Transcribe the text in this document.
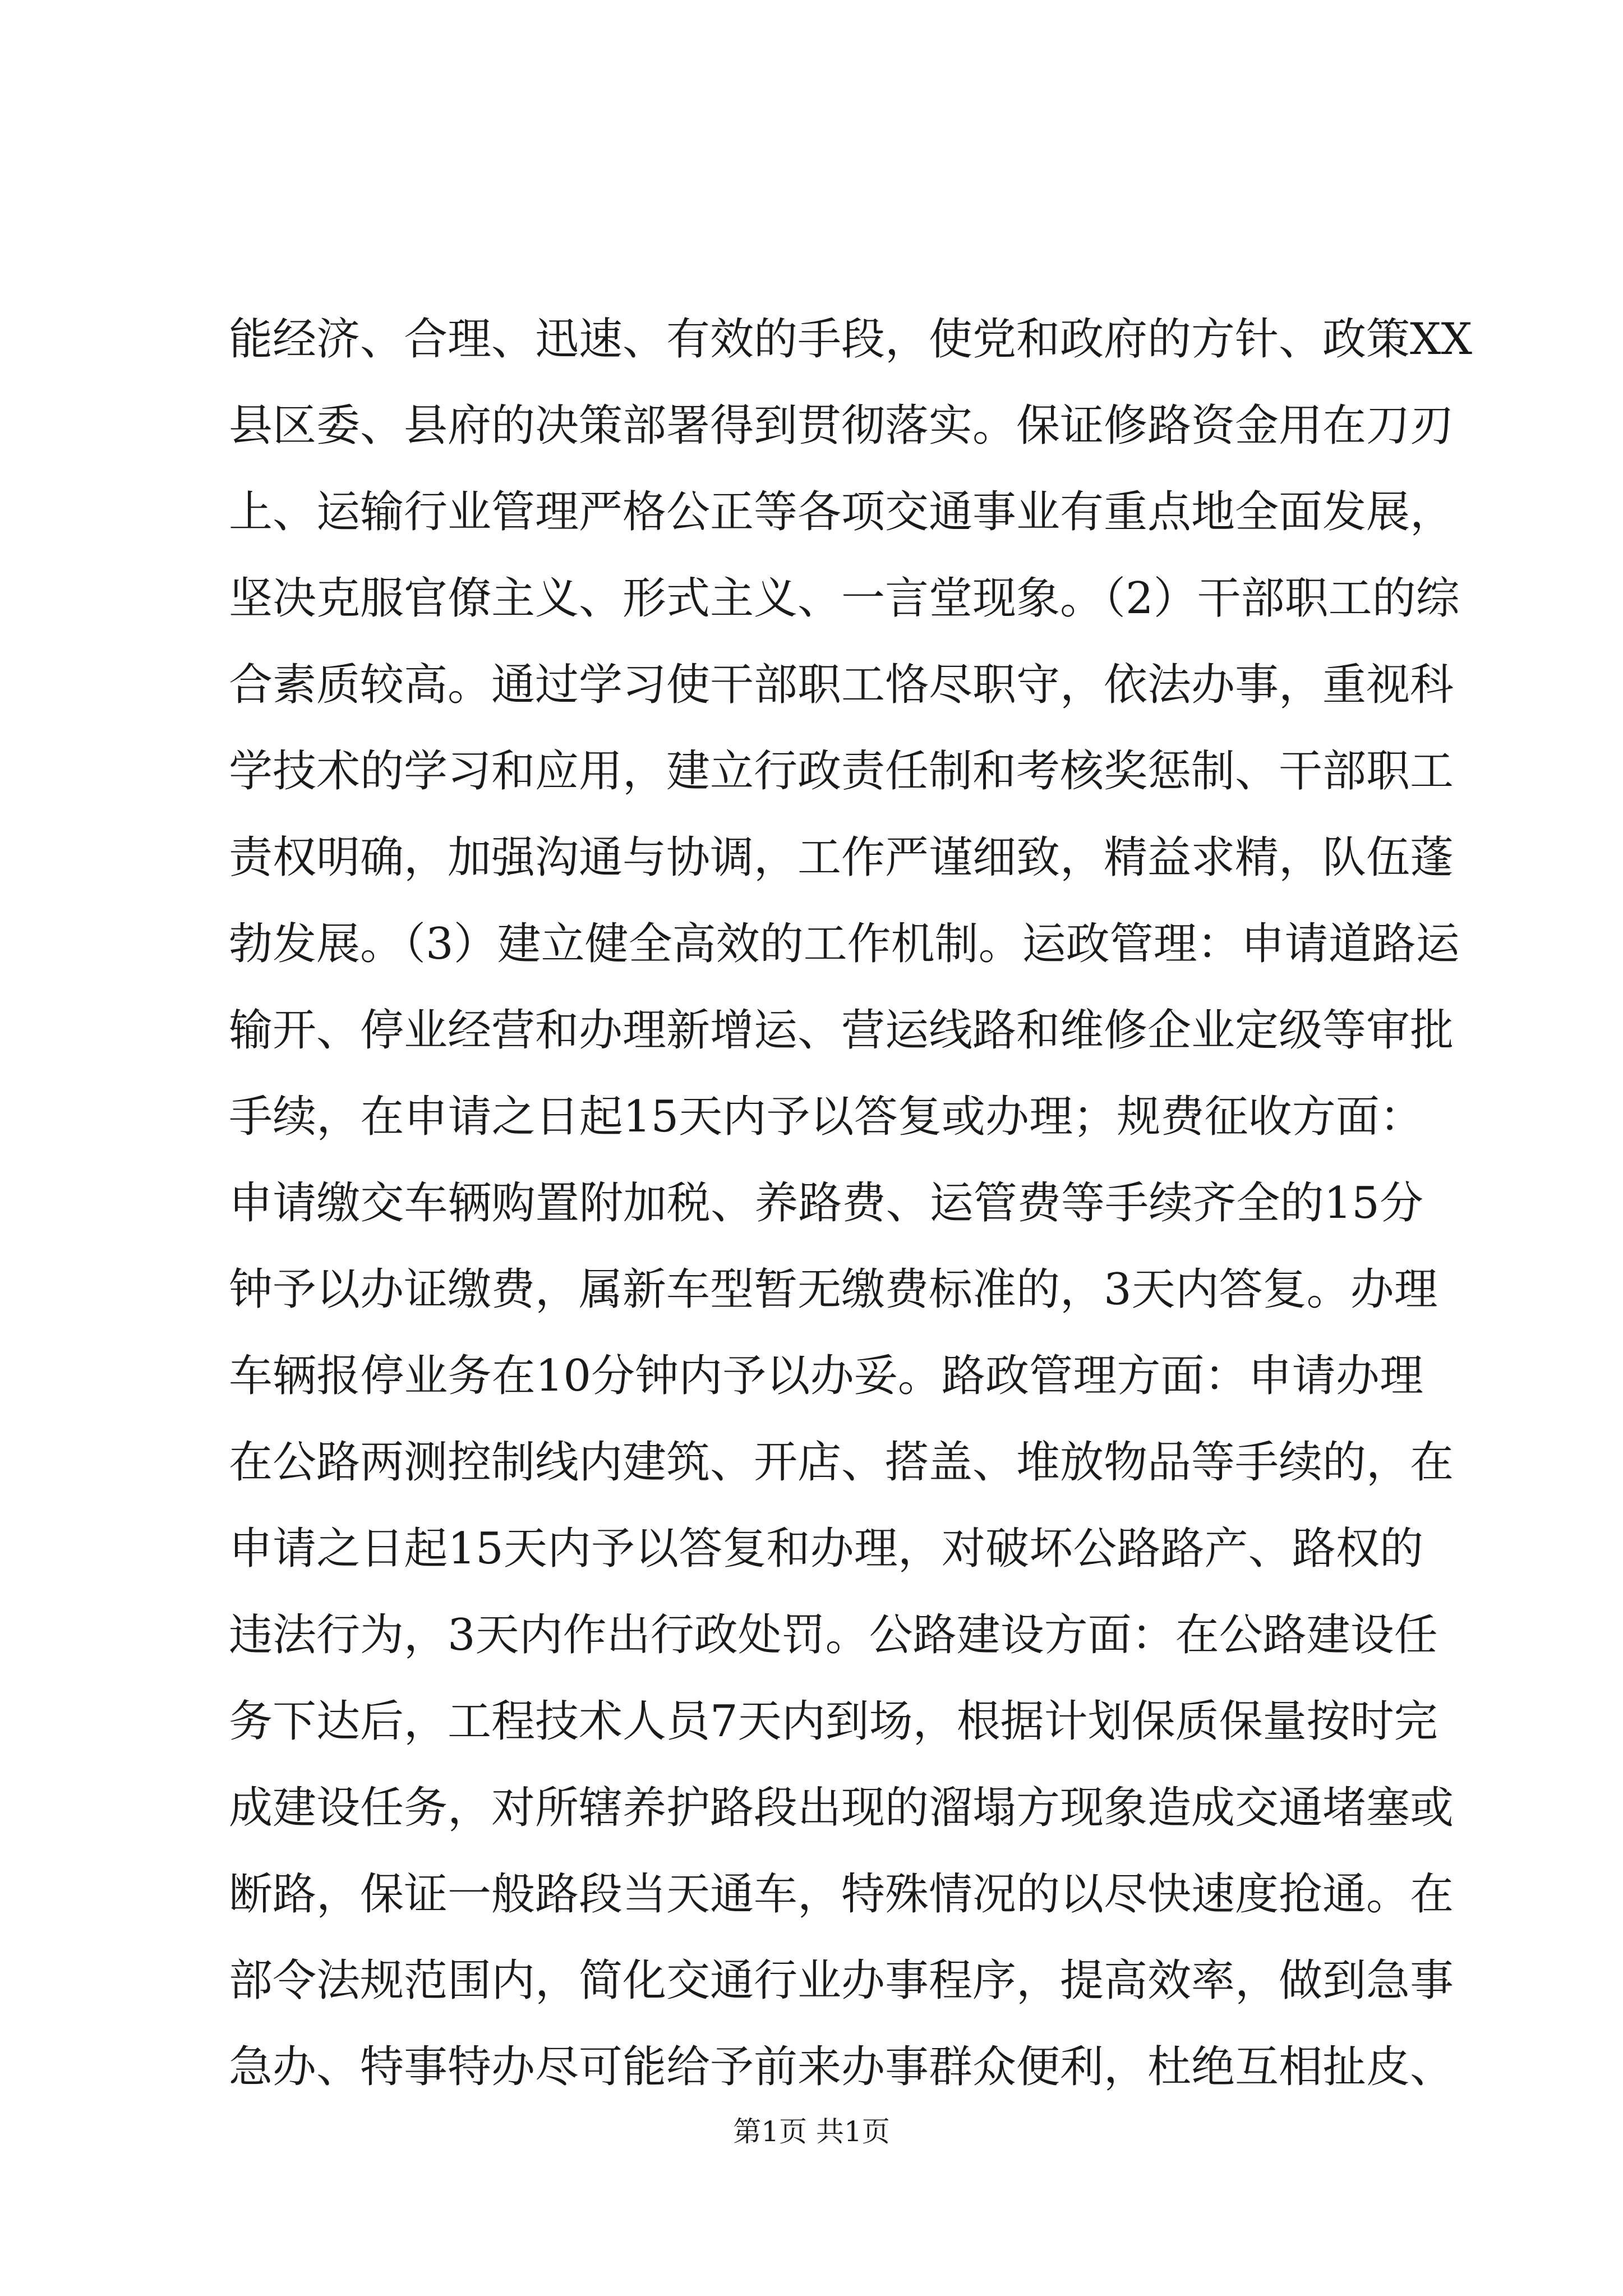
能经济、合理、迅速、有效的手段，使党和政府的方针、政策XX
县区委、县府的决策部署得到贯彻落实。保证修路资金用在刀刃
上、运输行业管理严格公正等各项交通事业有重点地全面发展，
坚决克服官僚主义、形式主义、一言堂现象。（2）干部职工的综
合素质较高。通过学习使干部职工恪尽职守，依法办事，重视科
学技术的学习和应用，建立行政责任制和考核奖惩制、干部职工
责权明确，加强沟通与协调，工作严谨细致，精益求精，队伍蓬
勃发展。（3）建立健全高效的工作机制。运政管理：申请道路运
输开、停业经营和办理新增运、营运线路和维修企业定级等审批
手续，在申请之日起15天内予以答复或办理；规费征收方面：
申请缴交车辆购置附加税、养路费、运管费等手续齐全的15分
钟予以办证缴费，属新车型暂无缴费标准的，3天内答复。办理
车辆报停业务在10分钟内予以办妥。路政管理方面：申请办理
在公路两测控制线内建筑、开店、搭盖、堆放物品等手续的，在
申请之日起15天内予以答复和办理，对破坏公路路产、路权的
违法行为，3天内作出行政处罚。公路建设方面：在公路建设任
务下达后，工程技术人员7天内到场，根据计划保质保量按时完
成建设任务，对所辖养护路段出现的溜塌方现象造成交通堵塞或
断路，保证一般路段当天通车，特殊情况的以尽快速度抢通。在
部令法规范围内，简化交通行业办事程序，提高效率，做到急事
急办、特事特办尽可能给予前来办事群众便利，杜绝互相扯皮、
第1页 共1页
